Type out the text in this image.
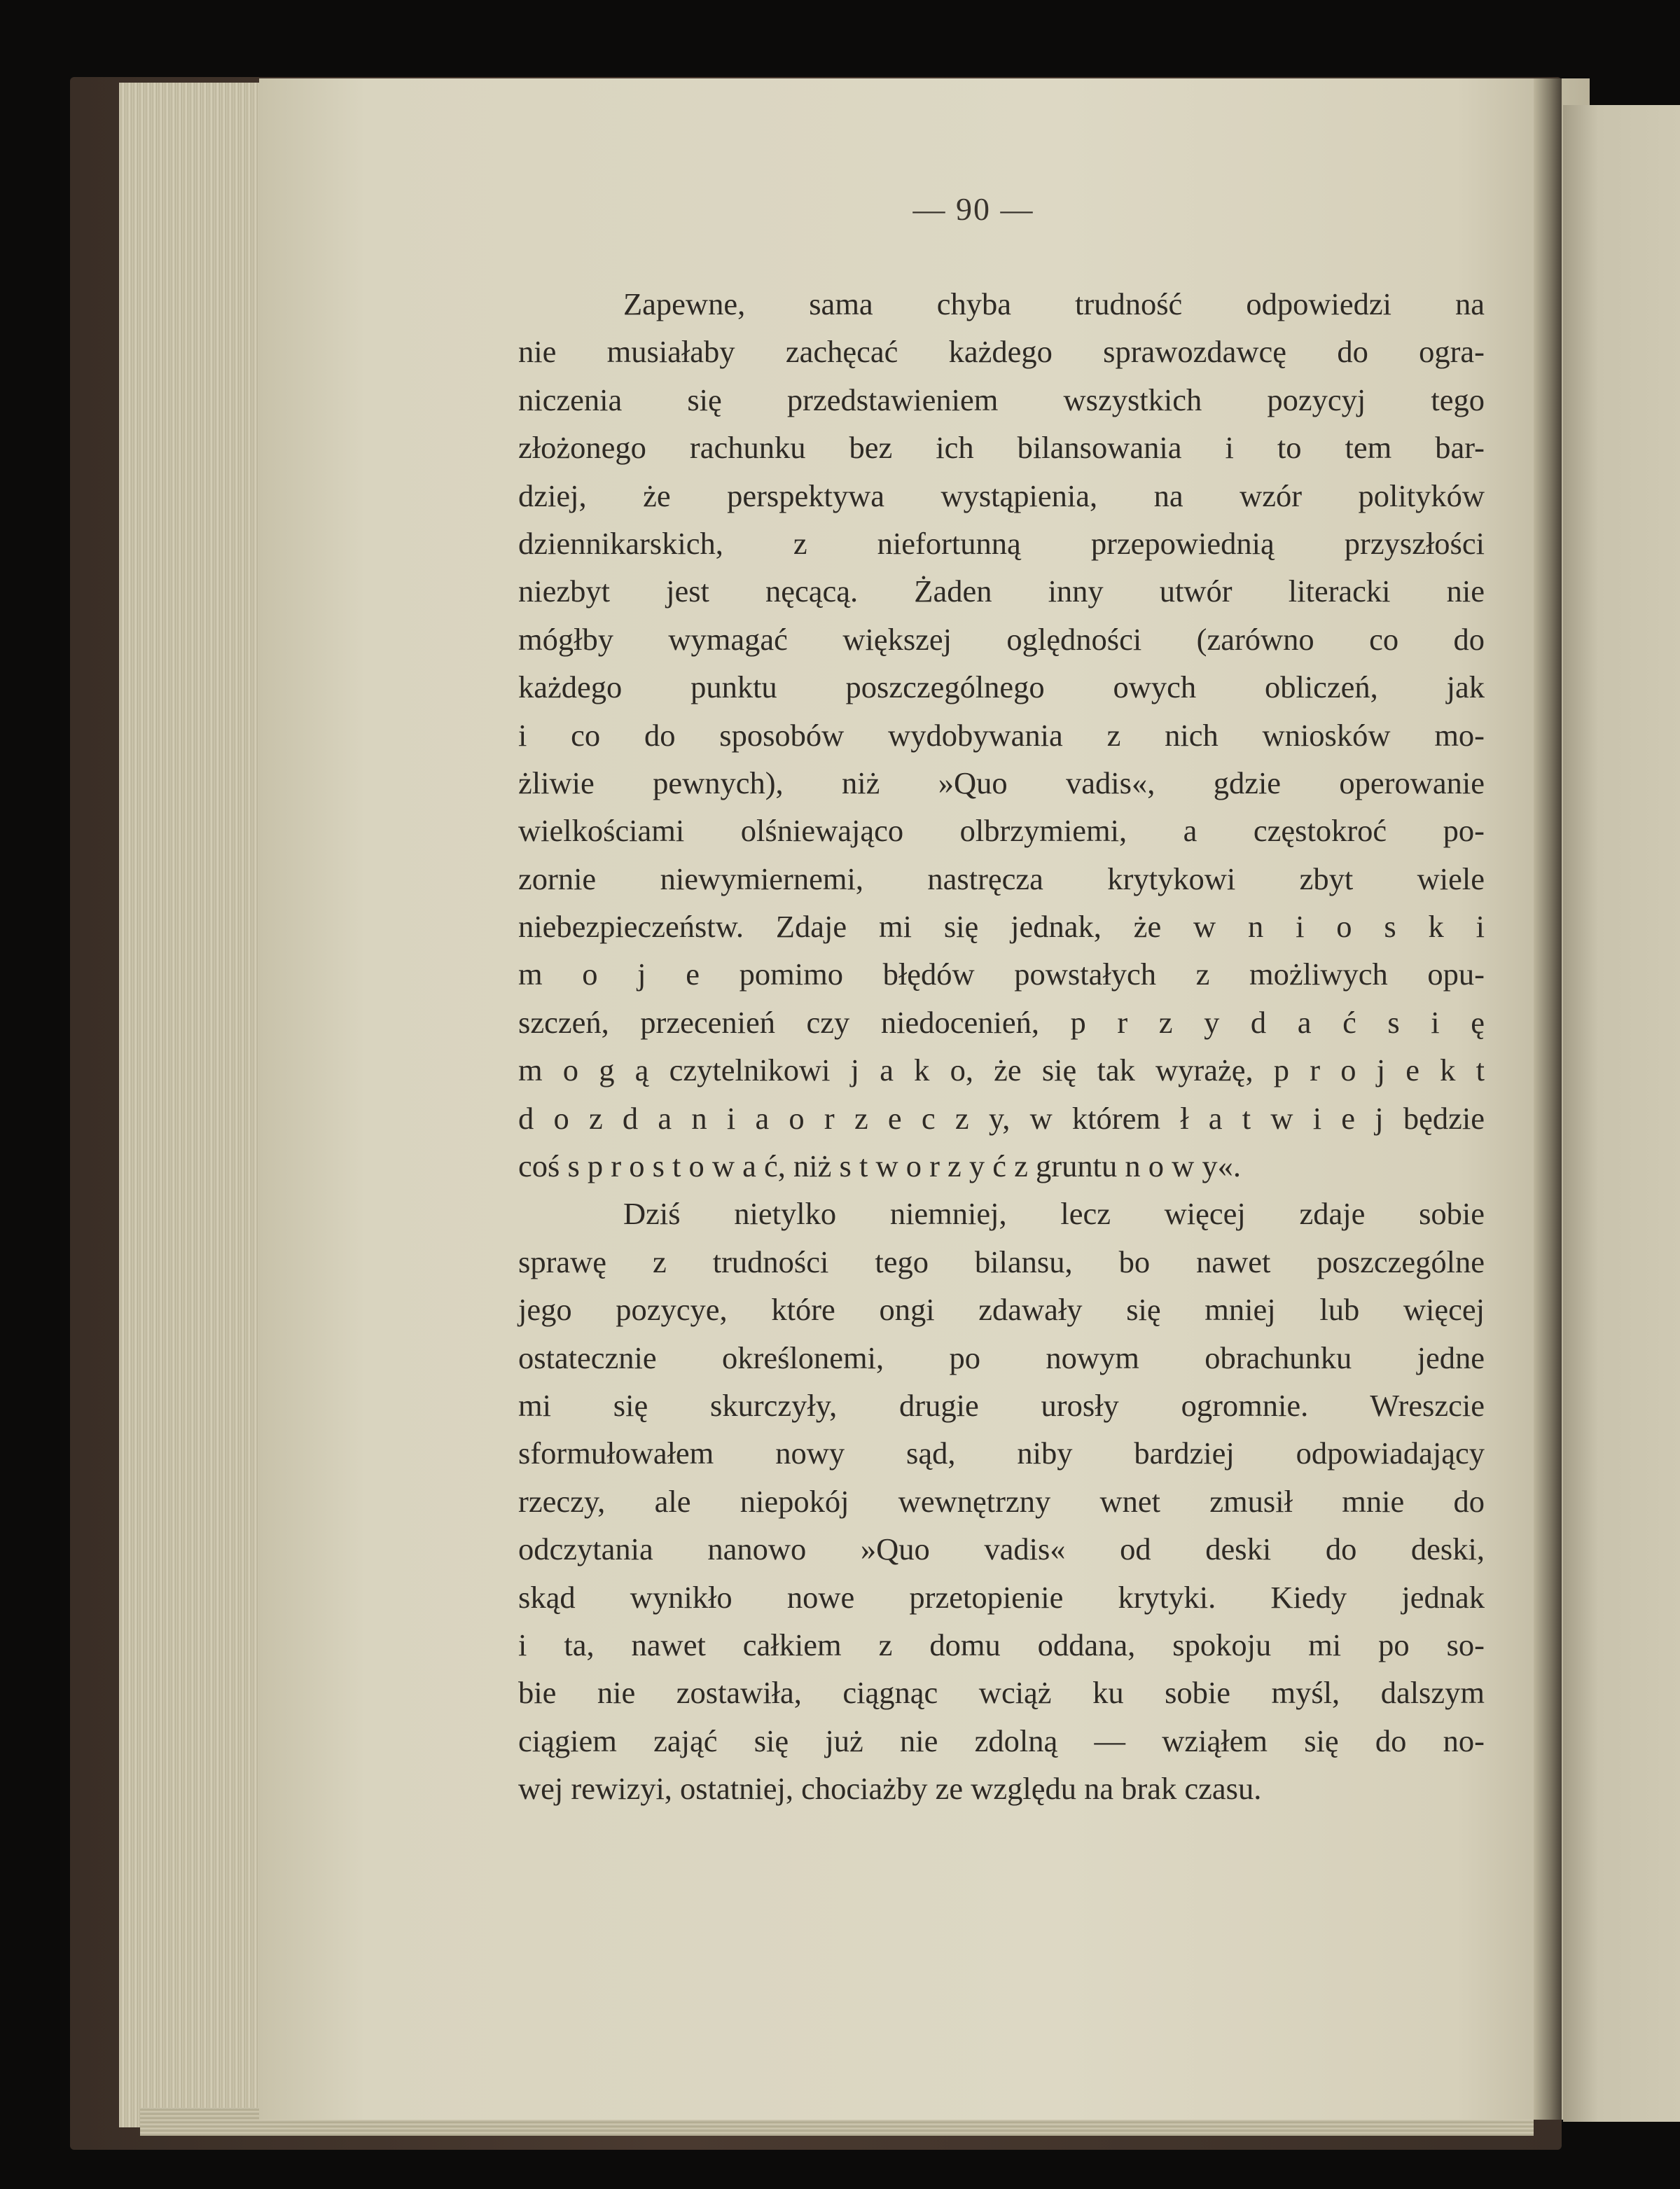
— 90 —
Zapewne, sama chyba trudność odpowiedzi na
nie musiałaby zachęcać każdego sprawozdawcę do ogra-
niczenia się przedstawieniem wszystkich pozycyj tego
złożonego rachunku bez ich bilansowania i to tem bar-
dziej, że perspektywa wystąpienia, na wzór polityków
dziennikarskich, z niefortunną przepowiednią przyszłości
niezbyt jest nęcącą. Żaden inny utwór literacki nie
mógłby wymagać większej oględności (zarówno co do
każdego punktu poszczególnego owych obliczeń, jak
i co do sposobów wydobywania z nich wniosków mo-
żliwie pewnych), niż »Quo vadis«, gdzie operowanie
wielkościami olśniewająco olbrzymiemi, a częstokroć po-
zornie niewymiernemi, nastręcza krytykowi zbyt wiele
niebezpieczeństw. Zdaje mi się jednak, że w n i o s k i
m o j e pomimo błędów powstałych z możliwych opu-
szczeń, przecenień czy niedocenień, p r z y d a ć s i ę
m o g ą czytelnikowi j a k o, że się tak wyrażę, p r o j e k t
d o z d a n i a o r z e c z y, w którem ł a t w i e j będzie
coś s p r o s t o w a ć, niż s t w o r z y ć z gruntu n o w y«.
Dziś nietylko niemniej, lecz więcej zdaje sobie
sprawę z trudności tego bilansu, bo nawet poszczególne
jego pozycye, które ongi zdawały się mniej lub więcej
ostatecznie określonemi, po nowym obrachunku jedne
mi się skurczyły, drugie urosły ogromnie. Wreszcie
sformułowałem nowy sąd, niby bardziej odpowiadający
rzeczy, ale niepokój wewnętrzny wnet zmusił mnie do
odczytania nanowo »Quo vadis« od deski do deski,
skąd wynikło nowe przetopienie krytyki. Kiedy jednak
i ta, nawet całkiem z domu oddana, spokoju mi po so-
bie nie zostawiła, ciągnąc wciąż ku sobie myśl, dalszym
ciągiem zająć się już nie zdolną — wziąłem się do no-
wej rewizyi, ostatniej, chociażby ze względu na brak czasu.
